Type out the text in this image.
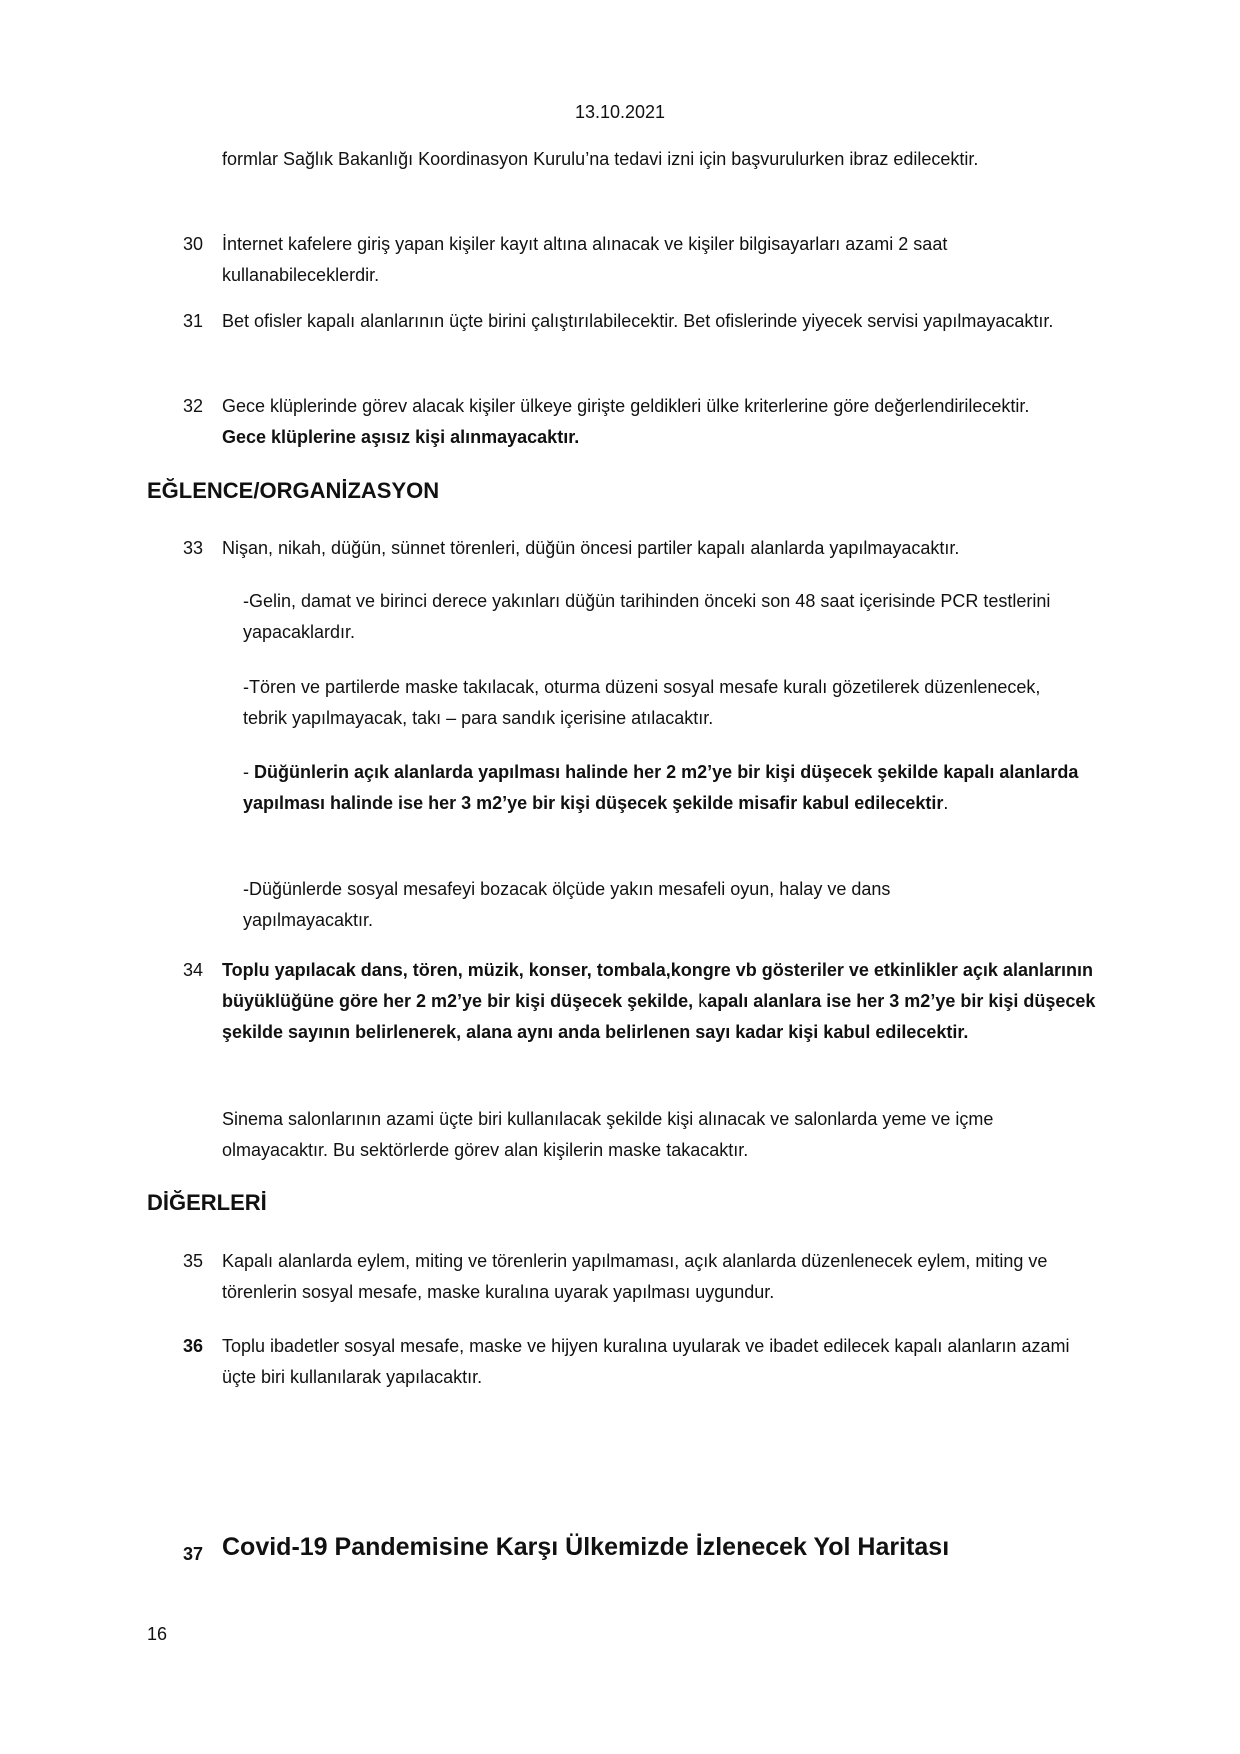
13.10.2021
formlar Sağlık Bakanlığı Koordinasyon Kurulu’na tedavi izni için başvurulurken ibraz edilecektir.
30 İnternet kafelere giriş yapan kişiler kayıt altına alınacak ve kişiler bilgisayarları azami 2 saat kullanabileceklerdir.
31 Bet ofisler kapalı alanlarının üçte birini çalıştırılabilecektir. Bet ofislerinde yiyecek servisi yapılmayacaktır.
32 Gece klüplerinde görev alacak kişiler ülkeye girişte geldikleri ülke kriterlerine göre değerlendirilecektir. Gece klüplerine aşısız kişi alınmayacaktır.
EĞLENCE/ORGANİZASYON
33 Nişan, nikah, düğün, sünnet törenleri, düğün öncesi partiler kapalı alanlarda yapılmayacaktır.
-Gelin, damat ve birinci derece yakınları düğün tarihinden önceki son 48 saat içerisinde PCR testlerini yapacaklardır.
-Tören ve partilerde maske takılacak, oturma düzeni sosyal mesafe kuralı gözetilerek düzenlenecek, tebrik yapılmayacak, takı – para sandık içerisine atılacaktır.
- Düğünlerin açık alanlarda yapılması halinde her 2 m2’ye bir kişi düşecek şekilde kapalı alanlarda yapılması halinde ise her 3 m2’ye bir kişi düşecek şekilde misafir kabul edilecektir.
-Düğünlerde sosyal mesafeyi bozacak ölçüde yakın mesafeli oyun, halay ve dans yapılmayacaktır.
34 Toplu yapılacak dans, tören, müzik, konser, tombala,kongre vb gösteriler ve etkinlikler açık alanlarının büyüklüğüne göre her 2 m2’ye bir kişi düşecek şekilde, kapalı alanlara ise her 3 m2’ye bir kişi düşecek şekilde sayının belirlenerek, alana aynı anda belirlenen sayı kadar kişi kabul edilecektir.
Sinema salonlarının azami üçte biri kullanılacak şekilde kişi alınacak ve salonlarda yeme ve içme olmayacaktır. Bu sektörlerde görev alan kişilerin maske takacaktır.
DİĞERLERİ
35 Kapalı alanlarda eylem, miting ve törenlerin yapılmaması, açık alanlarda düzenlenecek eylem, miting ve törenlerin sosyal mesafe, maske kuralına uyarak yapılması uygundur.
36 Toplu ibadetler sosyal mesafe, maske ve hijyen kuralına uyularak ve ibadet edilecek kapalı alanların azami üçte biri kullanılarak yapılacaktır.
37 Covid-19 Pandemisine Karşı Ülkemizde İzlenecek Yol Haritası
16
